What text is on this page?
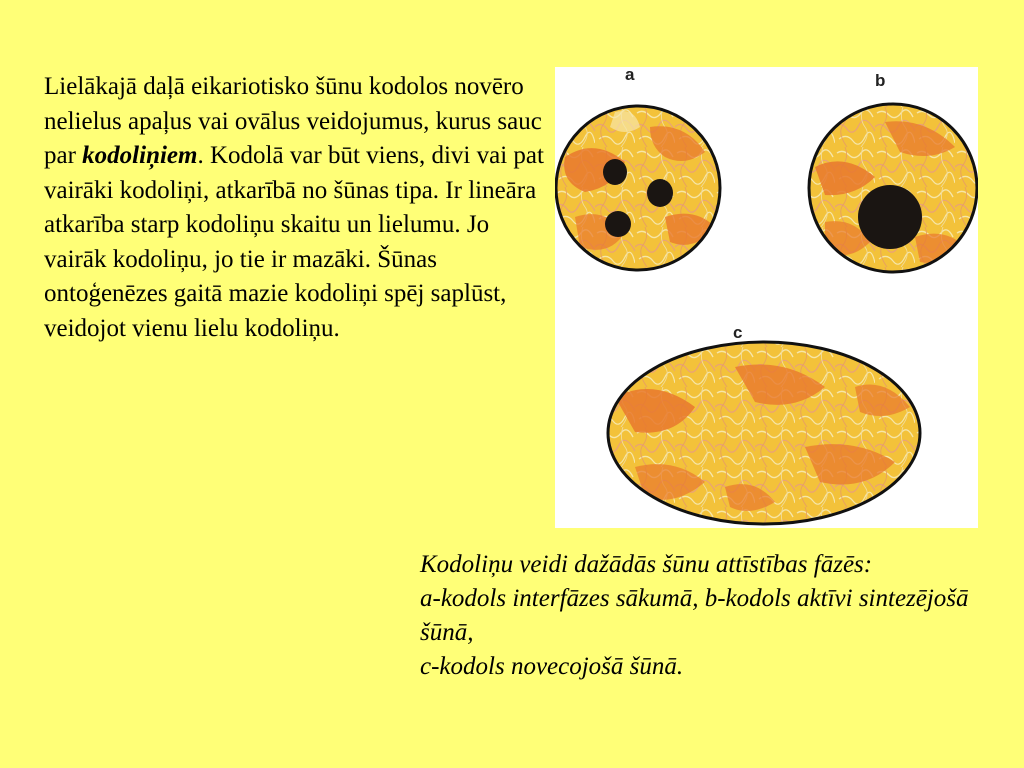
Lielākajā daļā eikariotisko šūnu kodolos novēro nelielus apaļus vai ovālus veidojumus, kurus sauc par kodoliņiem. Kodolā var būt viens, divi vai pat vairāki kodoliņi, atkarībā no šūnas tipa. Ir lineāra atkarība starp kodoliņu skaitu un lielumu. Jo vairāk kodoliņu, jo tie ir mazāki. Šūnas ontoģenēzes gaitā mazie kodoliņi spēj saplūst, veidojot vienu lielu kodoliņu.

a	b
c

Kodoliņu veidi dažādās šūnu attīstības fāzēs:
a-kodols interfāzes sākumā, b-kodols aktīvi sintezējošā šūnā,
c-kodols novecojošā šūnā.
